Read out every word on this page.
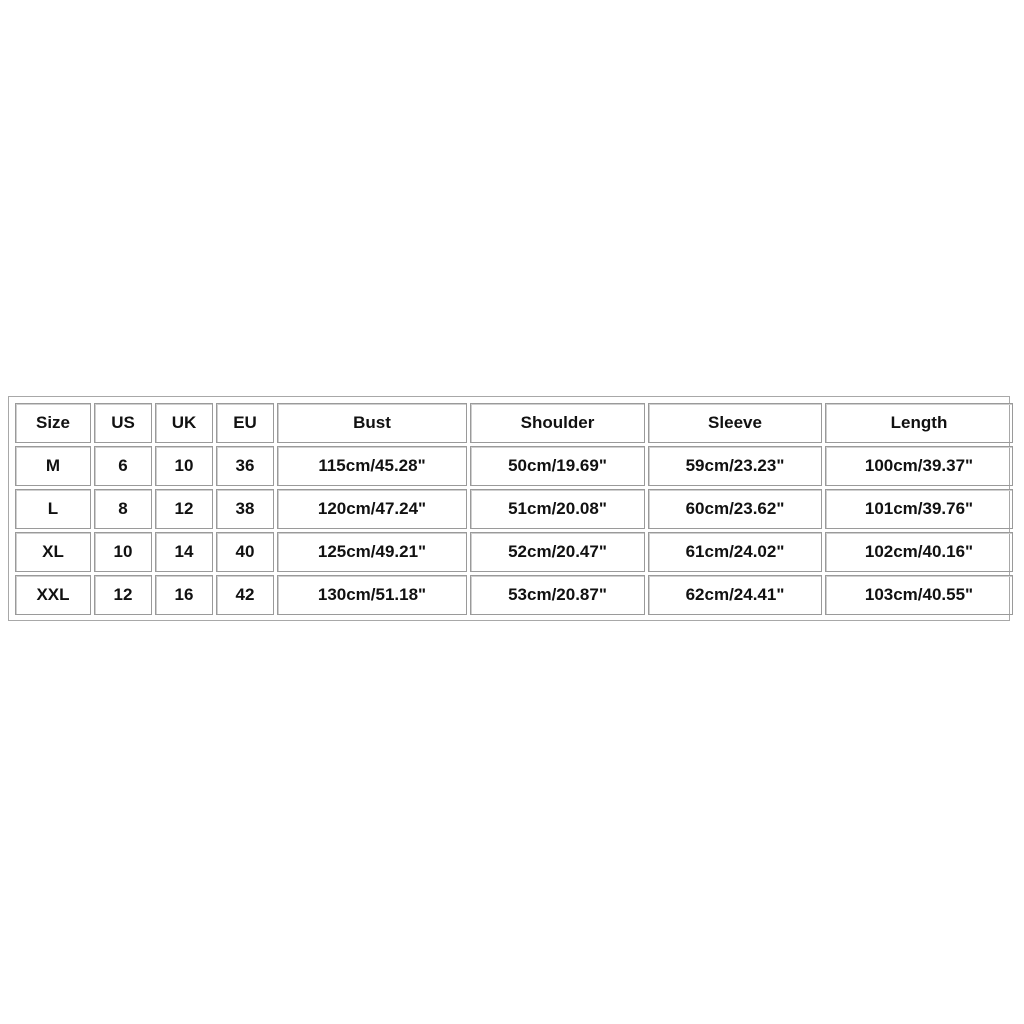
Size	US	UK	EU	Bust	Shoulder	Sleeve	Length
M	6	10	36	115cm/45.28"	50cm/19.69"	59cm/23.23"	100cm/39.37"
L	8	12	38	120cm/47.24"	51cm/20.08"	60cm/23.62"	101cm/39.76"
XL	10	14	40	125cm/49.21"	52cm/20.47"	61cm/24.02"	102cm/40.16"
XXL	12	16	42	130cm/51.18"	53cm/20.87"	62cm/24.41"	103cm/40.55"
